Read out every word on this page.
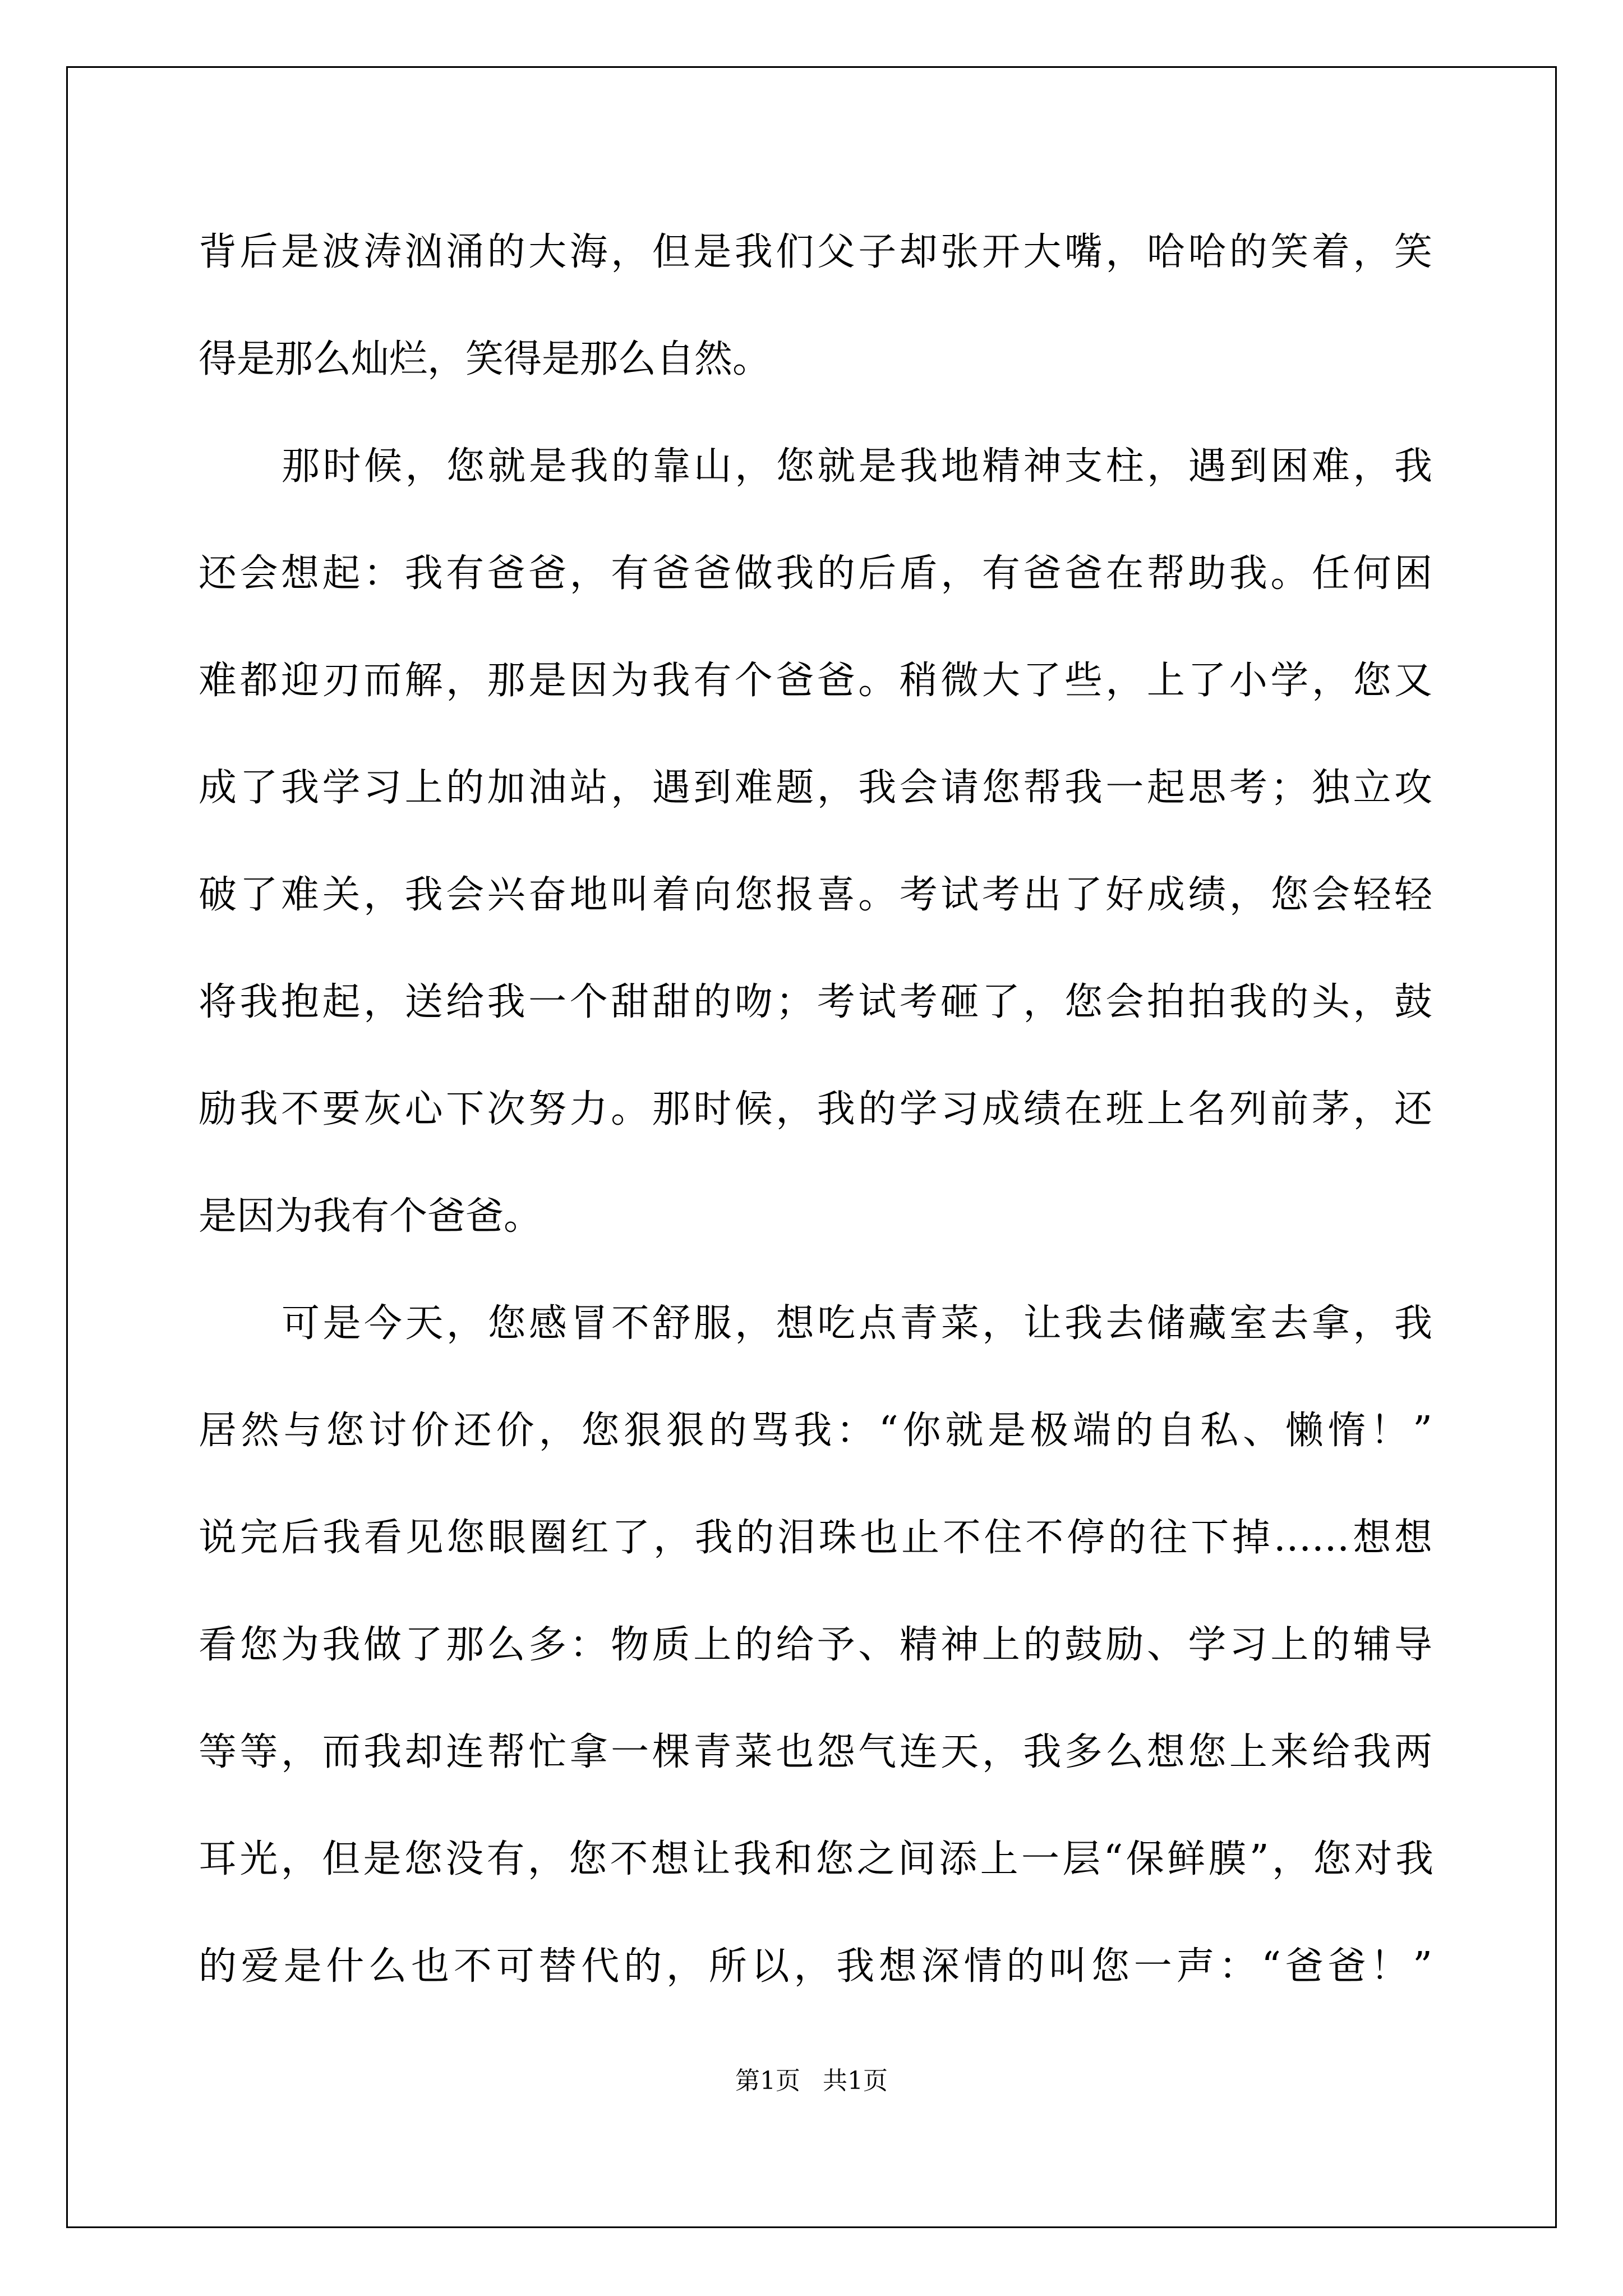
背后是波涛汹涌的大海，但是我们父子却张开大嘴，哈哈的笑着，笑
得是那么灿烂，笑得是那么自然。
那时候，您就是我的靠山，您就是我地精神支柱，遇到困难，我
还会想起：我有爸爸，有爸爸做我的后盾，有爸爸在帮助我。任何困
难都迎刃而解，那是因为我有个爸爸。稍微大了些，上了小学，您又
成了我学习上的加油站，遇到难题，我会请您帮我一起思考；独立攻
破了难关，我会兴奋地叫着向您报喜。考试考出了好成绩，您会轻轻
将我抱起，送给我一个甜甜的吻；考试考砸了，您会拍拍我的头，鼓
励我不要灰心下次努力。那时候，我的学习成绩在班上名列前茅，还
是因为我有个爸爸。
可是今天，您感冒不舒服，想吃点青菜，让我去储藏室去拿，我
居然与您讨价还价，您狠狠的骂我：“你就是极端的自私、懒惰！”
说完后我看见您眼圈红了，我的泪珠也止不住不停的往下掉……想想
看您为我做了那么多：物质上的给予、精神上的鼓励、学习上的辅导
等等，而我却连帮忙拿一棵青菜也怨气连天，我多么想您上来给我两
耳光，但是您没有，您不想让我和您之间添上一层“保鲜膜”，您对我
的爱是什么也不可替代的，所以，我想深情的叫您一声：“爸爸！”
第1页 共1页
